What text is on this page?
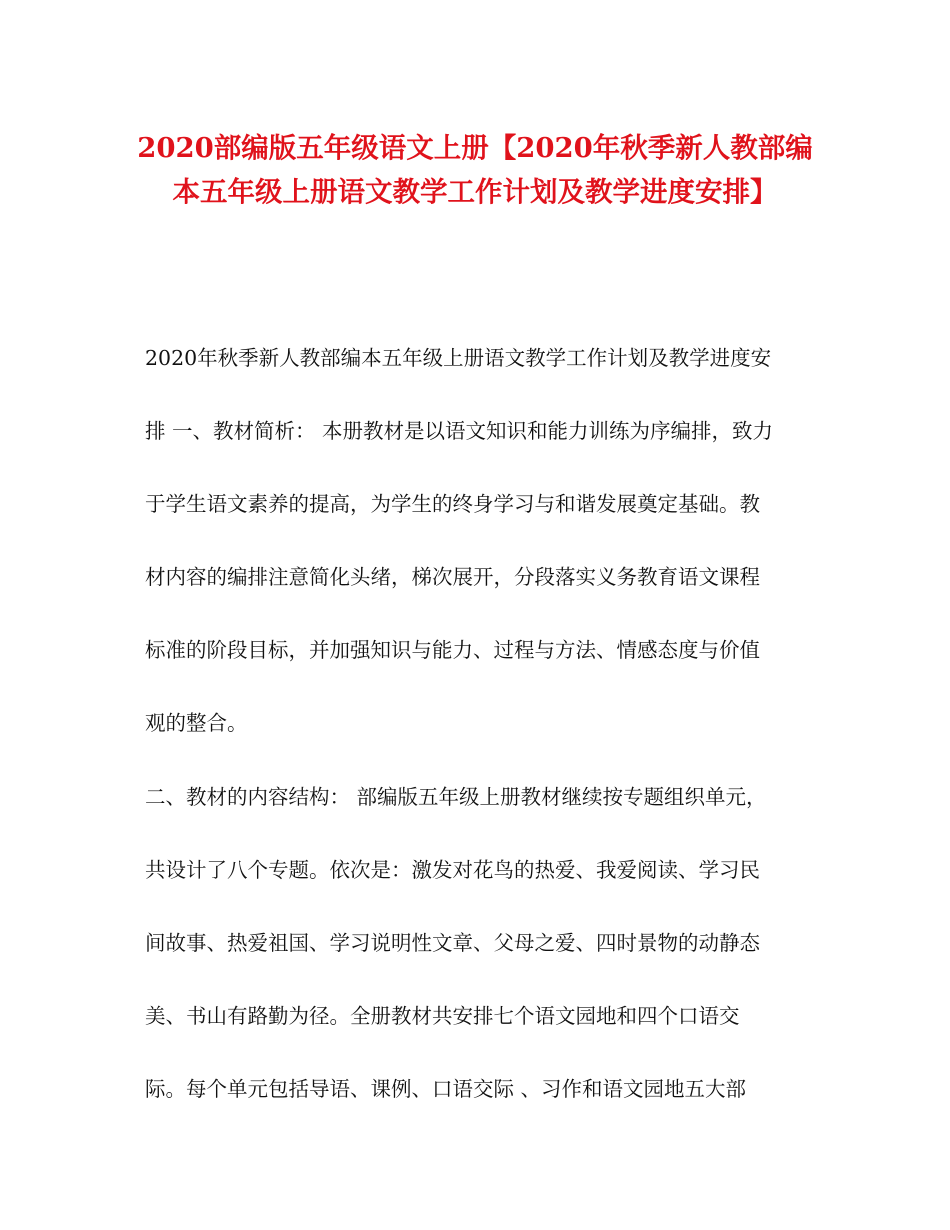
2020部编版五年级语文上册【2020年秋季新人教部编
本五年级上册语文教学工作计划及教学进度安排】
2020年秋季新人教部编本五年级上册语文教学工作计划及教学进度安
排 一、教材简析： 本册教材是以语文知识和能力训练为序编排，致力
于学生语文素养的提高，为学生的终身学习与和谐发展奠定基础。教
材内容的编排注意简化头绪，梯次展开，分段落实义务教育语文课程
标准的阶段目标，并加强知识与能力、过程与方法、情感态度与价值
观的整合。
二、教材的内容结构： 部编版五年级上册教材继续按专题组织单元，
共设计了八个专题。依次是：激发对花鸟的热爱、我爱阅读、学习民
间故事、热爱祖国、学习说明性文章、父母之爱、四时景物的动静态
美、书山有路勤为径。全册教材共安排七个语文园地和四个口语交
际。每个单元包括导语、课例、口语交际 、习作和语文园地五大部
